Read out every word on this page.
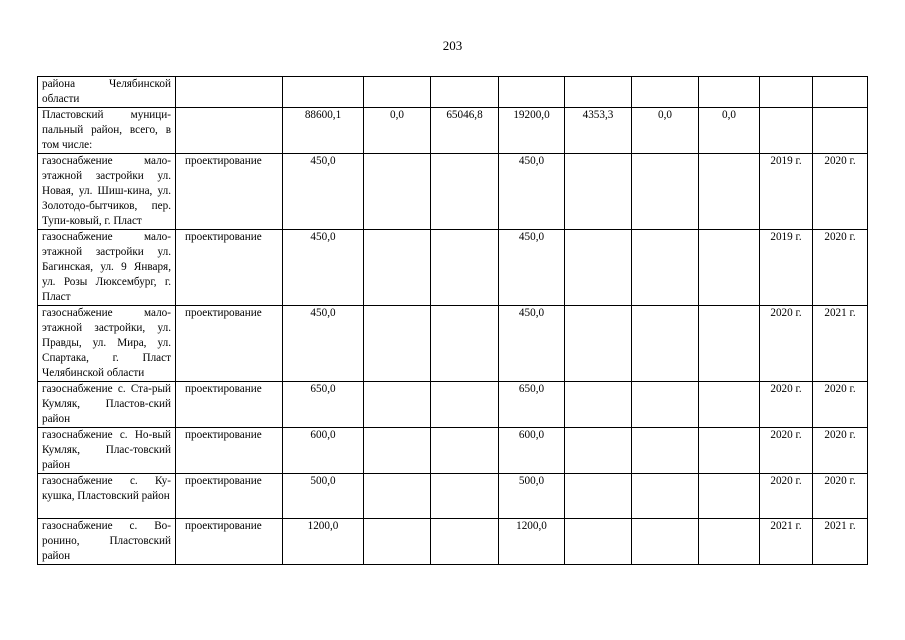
203
района Челябинской области										
Пластовский муници-пальный район, всего, в том числе:		88600,1	0,0	65046,8	19200,0	4353,3	0,0	0,0		
газоснабжение мало-этажной застройки ул. Новая, ул. Шиш-кина, ул. Золотодо-бытчиков, пер. Тупи-ковый, г. Пласт	проектирование	450,0			450,0				2019 г.	2020 г.
газоснабжение мало-этажной застройки ул. Багинская, ул. 9 Января, ул. Розы Люксембург, г. Пласт	проектирование	450,0			450,0				2019 г.	2020 г.
газоснабжение мало-этажной застройки, ул. Правды, ул. Мира, ул. Спартака, г. Пласт Челябинской области	проектирование	450,0			450,0				2020 г.	2021 г.
газоснабжение с. Ста-рый Кумляк, Пластов-ский район	проектирование	650,0			650,0				2020 г.	2020 г.
газоснабжение с. Но-вый Кумляк, Плас-товский район	проектирование	600,0			600,0				2020 г.	2020 г.
газоснабжение с. Ку-кушка, Пластовский район	проектирование	500,0			500,0				2020 г.	2020 г.
газоснабжение с. Во-ронино, Пластовский район	проектирование	1200,0			1200,0				2021 г.	2021 г.
